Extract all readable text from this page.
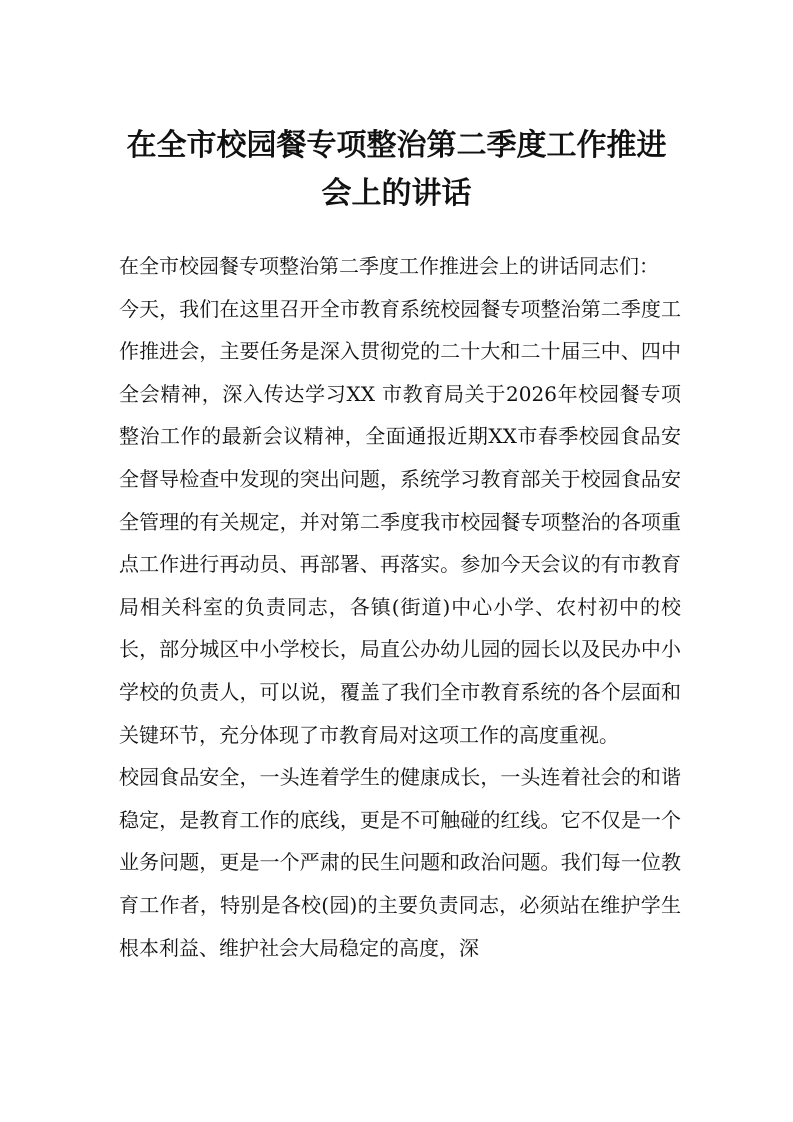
在全市校园餐专项整治第二季度工作推进
会上的讲话

在全市校园餐专项整治第二季度工作推进会上的讲话同志们：

今天，我们在这里召开全市教育系统校园餐专项整治第二季度工作推进会，主要任务是深入贯彻党的二十大和二十届三中、四中全会精神，深入传达学习XX 市教育局关于2026年校园餐专项整治工作的最新会议精神，全面通报近期XX市春季校园食品安全督导检查中发现的突出问题，系统学习教育部关于校园食品安全管理的有关规定，并对第二季度我市校园餐专项整治的各项重点工作进行再动员、再部署、再落实。参加今天会议的有市教育局相关科室的负责同志，各镇(街道)中心小学、农村初中的校长，部分城区中小学校长，局直公办幼儿园的园长以及民办中小学校的负责人，可以说，覆盖了我们全市教育系统的各个层面和关键环节，充分体现了市教育局对这项工作的高度重视。

校园食品安全，一头连着学生的健康成长，一头连着社会的和谐稳定，是教育工作的底线，更是不可触碰的红线。它不仅是一个业务问题，更是一个严肃的民生问题和政治问题。我们每一位教育工作者，特别是各校(园)的主要负责同志，必须站在维护学生根本利益、维护社会大局稳定的高度，深
